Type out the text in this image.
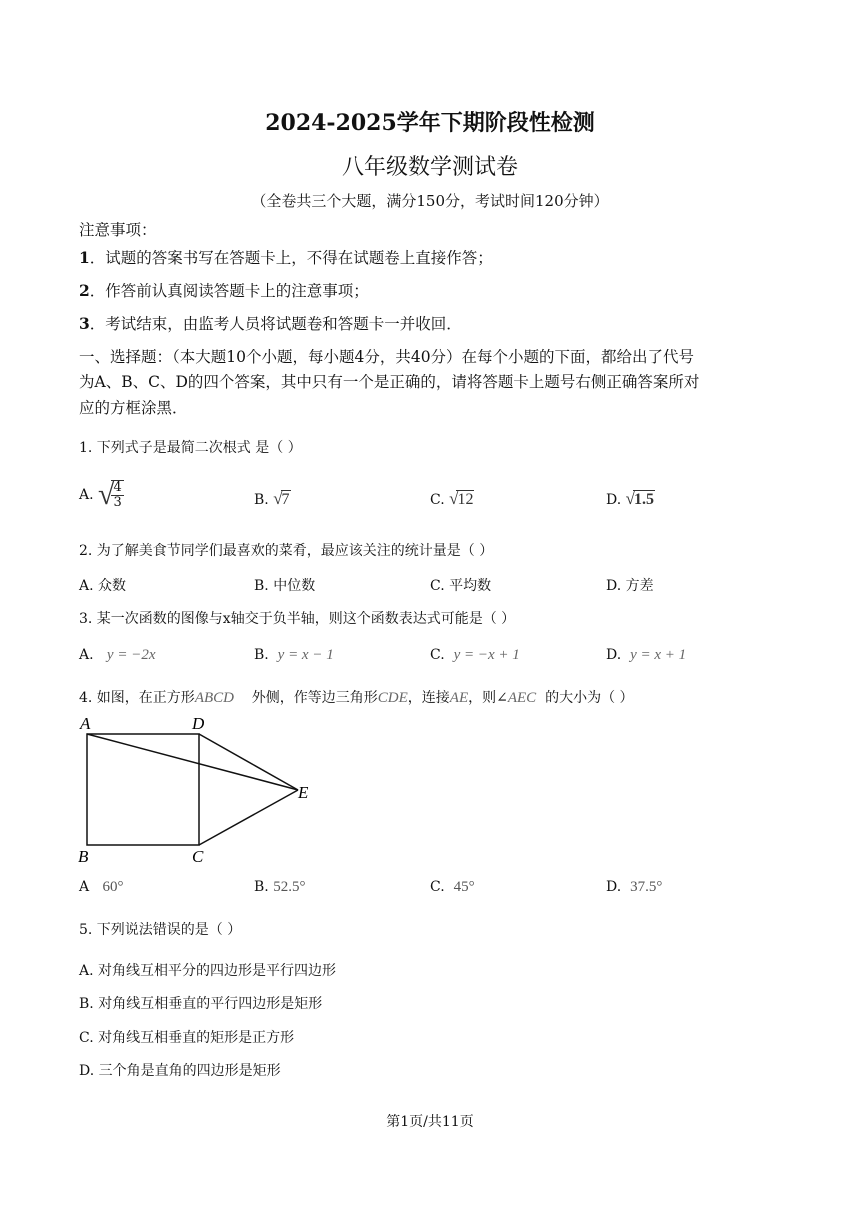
2024-2025学年下期阶段性检测
八年级数学测试卷
（全卷共三个大题，满分150分，考试时间120分钟）
注意事项：
1．试题的答案书写在答题卡上，不得在试题卷上直接作答；
2．作答前认真阅读答题卡上的注意事项；
3．考试结束，由监考人员将试题卷和答题卡一并收回．
一、选择题：（本大题10个小题，每小题4分，共40分）在每个小题的下面，都给出了代号
为A、B、C、D的四个答案，其中只有一个是正确的，请将答题卡上题号右侧正确答案所对
应的方框涂黑．
1. 下列式子是最简二次根式 是（ ）
A. √
$\frac{4}{3}$	B. √7	C. √12	D. √1.5
2. 为了解美食节同学们最喜欢的菜肴，最应该关注的统计量是（ ）
A. 众数	B. 中位数	C. 平均数	D. 方差
3. 某一次函数的图像与x轴交于负半轴，则这个函数表达式可能是（ ）
A. y = −2x	B. y = x − 1	C. y = −x + 1	D. y = x + 1
4. 如图，在正方形ABCD 外侧，作等边三角形CDE，连接AE，则∠AEC 的大小为（ ）
A	D
E
B	C
A 60°	B. 52.5°	C. 45°	D. 37.5°
5. 下列说法错误的是（ ）
A. 对角线互相平分的四边形是平行四边形
B. 对角线互相垂直的平行四边形是矩形
C. 对角线互相垂直的矩形是正方形
D. 三个角是直角的四边形是矩形
第1页/共11页
